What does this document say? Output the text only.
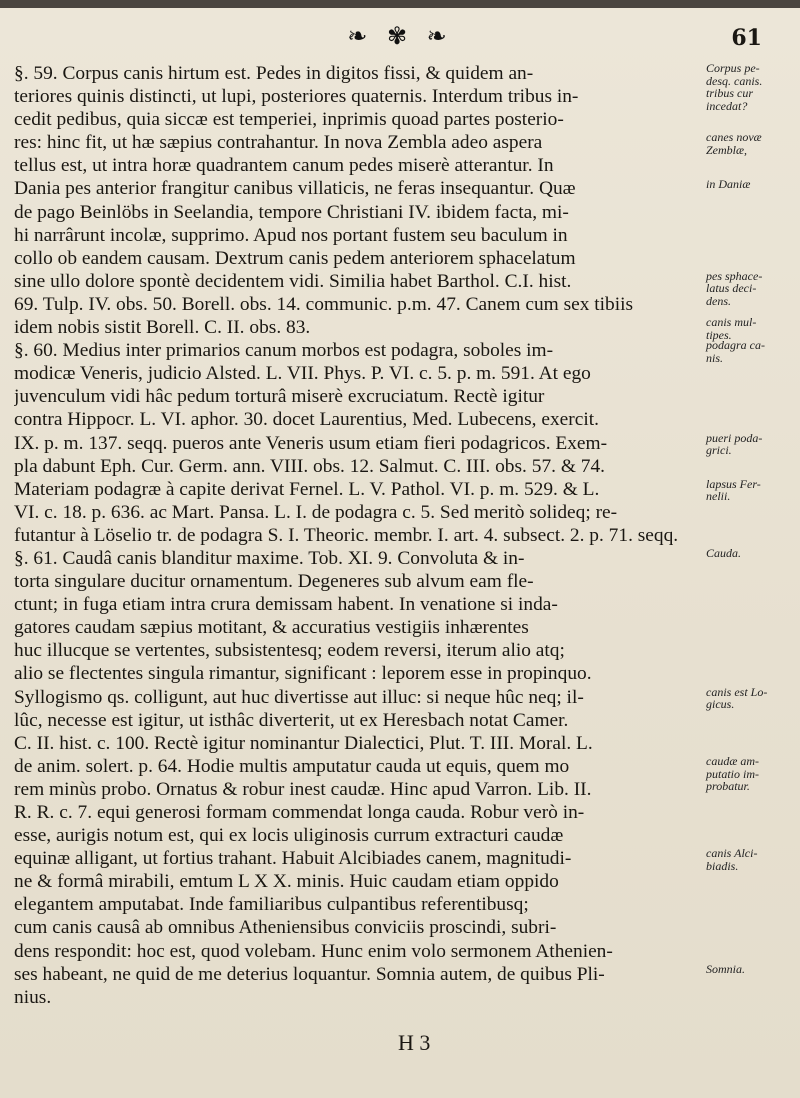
❧ ✾ ❧	61
§. 59. Corpus canis hirtum est. Pedes in digitos fissi, & quidem an-
teriores quinis distincti, ut lupi, posteriores quaternis. Interdum tribus in-
cedit pedibus, quia siccæ est temperiei, inprimis quoad partes posterio-
res: hinc fit, ut hæ sæpius contrahantur. In nova Zembla adeo aspera
tellus est, ut intra horæ quadrantem canum pedes miserè atterantur. In
Dania pes anterior frangitur canibus villaticis, ne feras insequantur. Quæ
de pago Beinlöbs in Seelandia, tempore Christiani IV. ibidem facta, mi-
hi narrârunt incolæ, supprimo. Apud nos portant fustem seu baculum in
collo ob eandem causam. Dextrum canis pedem anteriorem sphacelatum
sine ullo dolore spontè decidentem vidi. Similia habet Barthol. C.I. hist.
69. Tulp. IV. obs. 50. Borell. obs. 14. communic. p.m. 47. Canem cum sex tibiis
idem nobis sistit Borell. C. II. obs. 83.
§. 60. Medius inter primarios canum morbos est podagra, soboles im-
modicæ Veneris, judicio Alsted. L. VII. Phys. P. VI. c. 5. p. m. 591. At ego
juvenculum vidi hâc pedum torturâ miserè excruciatum. Rectè igitur
contra Hippocr. L. VI. aphor. 30. docet Laurentius, Med. Lubecens, exercit.
IX. p. m. 137. seqq. pueros ante Veneris usum etiam fieri podagricos. Exem-
pla dabunt Eph. Cur. Germ. ann. VIII. obs. 12. Salmut. C. III. obs. 57. & 74.
Materiam podagræ à capite derivat Fernel. L. V. Pathol. VI. p. m. 529. & L.
VI. c. 18. p. 636. ac Mart. Pansa. L. I. de podagra c. 5. Sed meritò solideq; re-
futantur à Löselio tr. de podagra S. I. Theoric. membr. I. art. 4. subsect. 2. p. 71. seqq.
§. 61. Caudâ canis blanditur maxime. Tob. XI. 9. Convoluta & in-
torta singulare ducitur ornamentum. Degeneres sub alvum eam fle-
ctunt; in fuga etiam intra crura demissam habent. In venatione si inda-
gatores caudam sæpius motitant, & accuratius vestigiis inhærentes
huc illucque se vertentes, subsistentesq; eodem reversi, iterum alio atq;
alio se flectentes singula rimantur, significant : leporem esse in propinquo.
Syllogismo qs. colligunt, aut huc divertisse aut illuc: si neque hûc neq; il-
lûc, necesse est igitur, ut isthâc diverterit, ut ex Heresbach notat Camer.
C. II. hist. c. 100. Rectè igitur nominantur Dialectici, Plut. T. III. Moral. L.
de anim. solert. p. 64. Hodie multis amputatur cauda ut equis, quem mo
rem minùs probo. Ornatus & robur inest caudæ. Hinc apud Varron. Lib. II.
R. R. c. 7. equi generosi formam commendat longa cauda. Robur verò in-
esse, aurigis notum est, qui ex locis uliginosis currum extracturi caudæ
equinæ alligant, ut fortius trahant. Habuit Alcibiades canem, magnitudi-
ne & formâ mirabili, emtum L X X. minis. Huic caudam etiam oppido
elegantem amputabat. Inde familiaribus culpantibus referentibusq;
cum canis causâ ab omnibus Atheniensibus conviciis proscindi, subri-
dens respondit: hoc est, quod volebam. Hunc enim volo sermonem Athenien-
ses habeant, ne quid de me deterius loquantur. Somnia autem, de quibus Pli-
nius.
Corpus pe-
desq. canis.
tribus cur
incedat?
canes novæ
Zemblæ,
in Daniæ
pes sphace-
latus deci-
dens.
canis mul-
tipes.
podagra ca-
nis.
pueri poda-
grici.
lapsus Fer-
nelii.
Cauda.
canis est Lo-
gicus.
caudæ am-
putatio im-
probatur.
canis Alci-
biadis.
Somnia.
H 3
